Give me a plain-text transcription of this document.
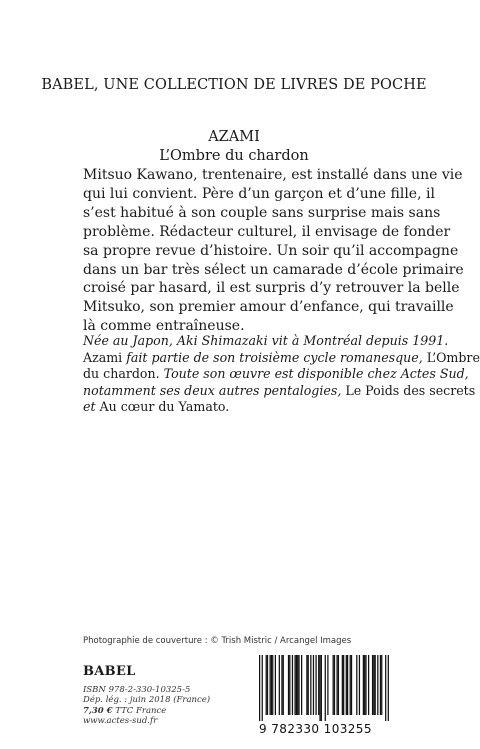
BABEL, UNE COLLECTION DE LIVRES DE POCHE
AZAMI
L’Ombre du chardon
Mitsuo Kawano, trentenaire, est installé dans une vie
qui lui convient. Père d’un garçon et d’une fille, il
s’est habitué à son couple sans surprise mais sans
problème. Rédacteur culturel, il envisage de fonder
sa propre revue d’histoire. Un soir qu’il accompagne
dans un bar très sélect un camarade d’école primaire
croisé par hasard, il est surpris d’y retrouver la belle
Mitsuko, son premier amour d’enfance, qui travaille
là comme entraîneuse.
Née au Japon, Aki Shimazaki vit à Montréal depuis 1991.
Azami fait partie de son troisième cycle romanesque, L’Ombre
du chardon. Toute son œuvre est disponible chez Actes Sud,
notamment ses deux autres pentalogies, Le Poids des secrets
et Au cœur du Yamato.
Photographie de couverture : © Trish Mistric / Arcangel Images
BABEL
ISBN 978-2-330-10325-5
Dép. lég. : juin 2018 (France)
7,30 € TTC France
www.actes-sud.fr
9 782330 103255
